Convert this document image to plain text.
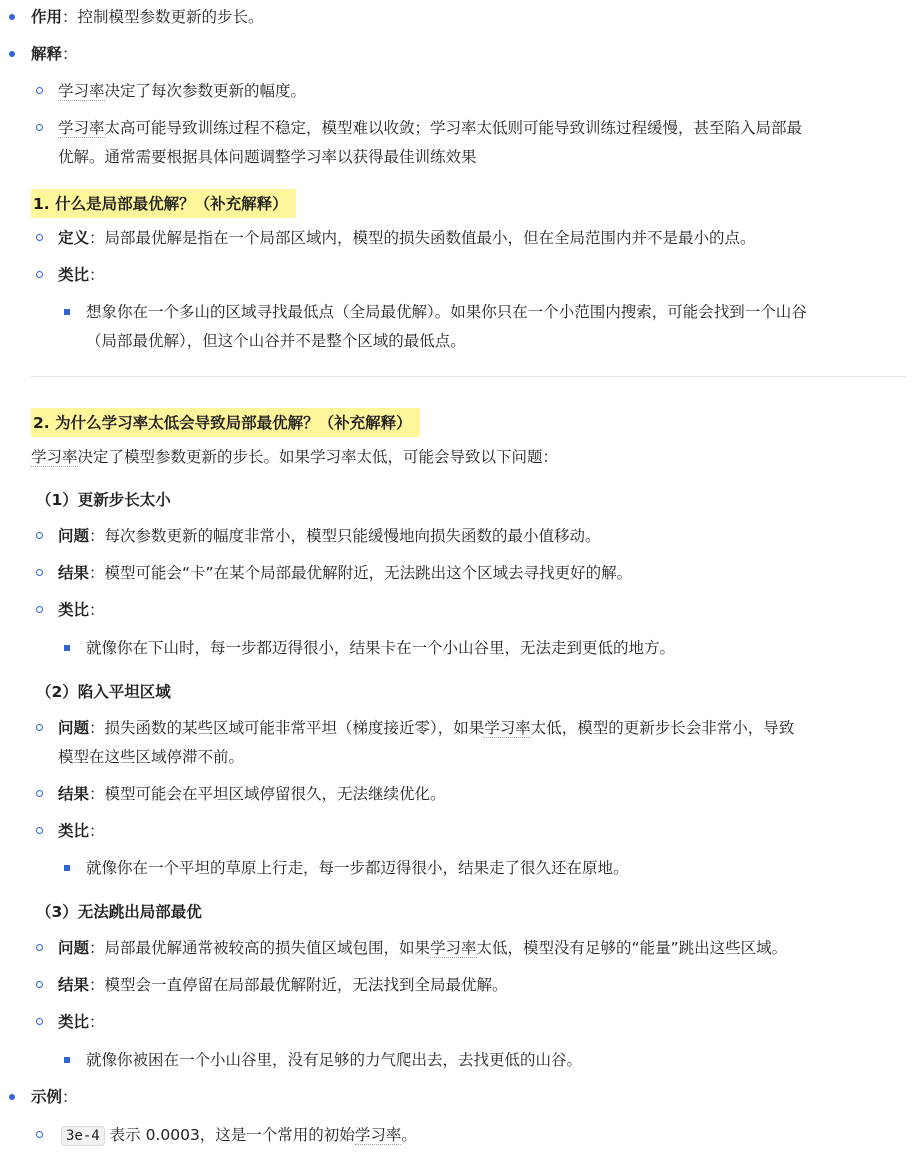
作用：控制模型参数更新的步长。
解释：
学习率决定了每次参数更新的幅度。
学习率太高可能导致训练过程不稳定，模型难以收敛；学习率太低则可能导致训练过程缓慢，甚至陷入局部最
优解。通常需要根据具体问题调整学习率以获得最佳训练效果
1. 什么是局部最优解？（补充解释）
定义：局部最优解是指在一个局部区域内，模型的损失函数值最小，但在全局范围内并不是最小的点。
类比：
想象你在一个多山的区域寻找最低点（全局最优解）。如果你只在一个小范围内搜索，可能会找到一个山谷
（局部最优解），但这个山谷并不是整个区域的最低点。
2. 为什么学习率太低会导致局部最优解？（补充解释）
学习率决定了模型参数更新的步长。如果学习率太低，可能会导致以下问题：
（1）更新步长太小
问题：每次参数更新的幅度非常小，模型只能缓慢地向损失函数的最小值移动。
结果：模型可能会“卡”在某个局部最优解附近，无法跳出这个区域去寻找更好的解。
类比：
就像你在下山时，每一步都迈得很小，结果卡在一个小山谷里，无法走到更低的地方。
（2）陷入平坦区域
问题：损失函数的某些区域可能非常平坦（梯度接近零），如果学习率太低，模型的更新步长会非常小，导致
模型在这些区域停滞不前。
结果：模型可能会在平坦区域停留很久，无法继续优化。
类比：
就像你在一个平坦的草原上行走，每一步都迈得很小，结果走了很久还在原地。
（3）无法跳出局部最优
问题：局部最优解通常被较高的损失值区域包围，如果学习率太低，模型没有足够的“能量”跳出这些区域。
结果：模型会一直停留在局部最优解附近，无法找到全局最优解。
类比：
就像你被困在一个小山谷里，没有足够的力气爬出去，去找更低的山谷。
示例：
3e-4 表示 0.0003，这是一个常用的初始学习率。
